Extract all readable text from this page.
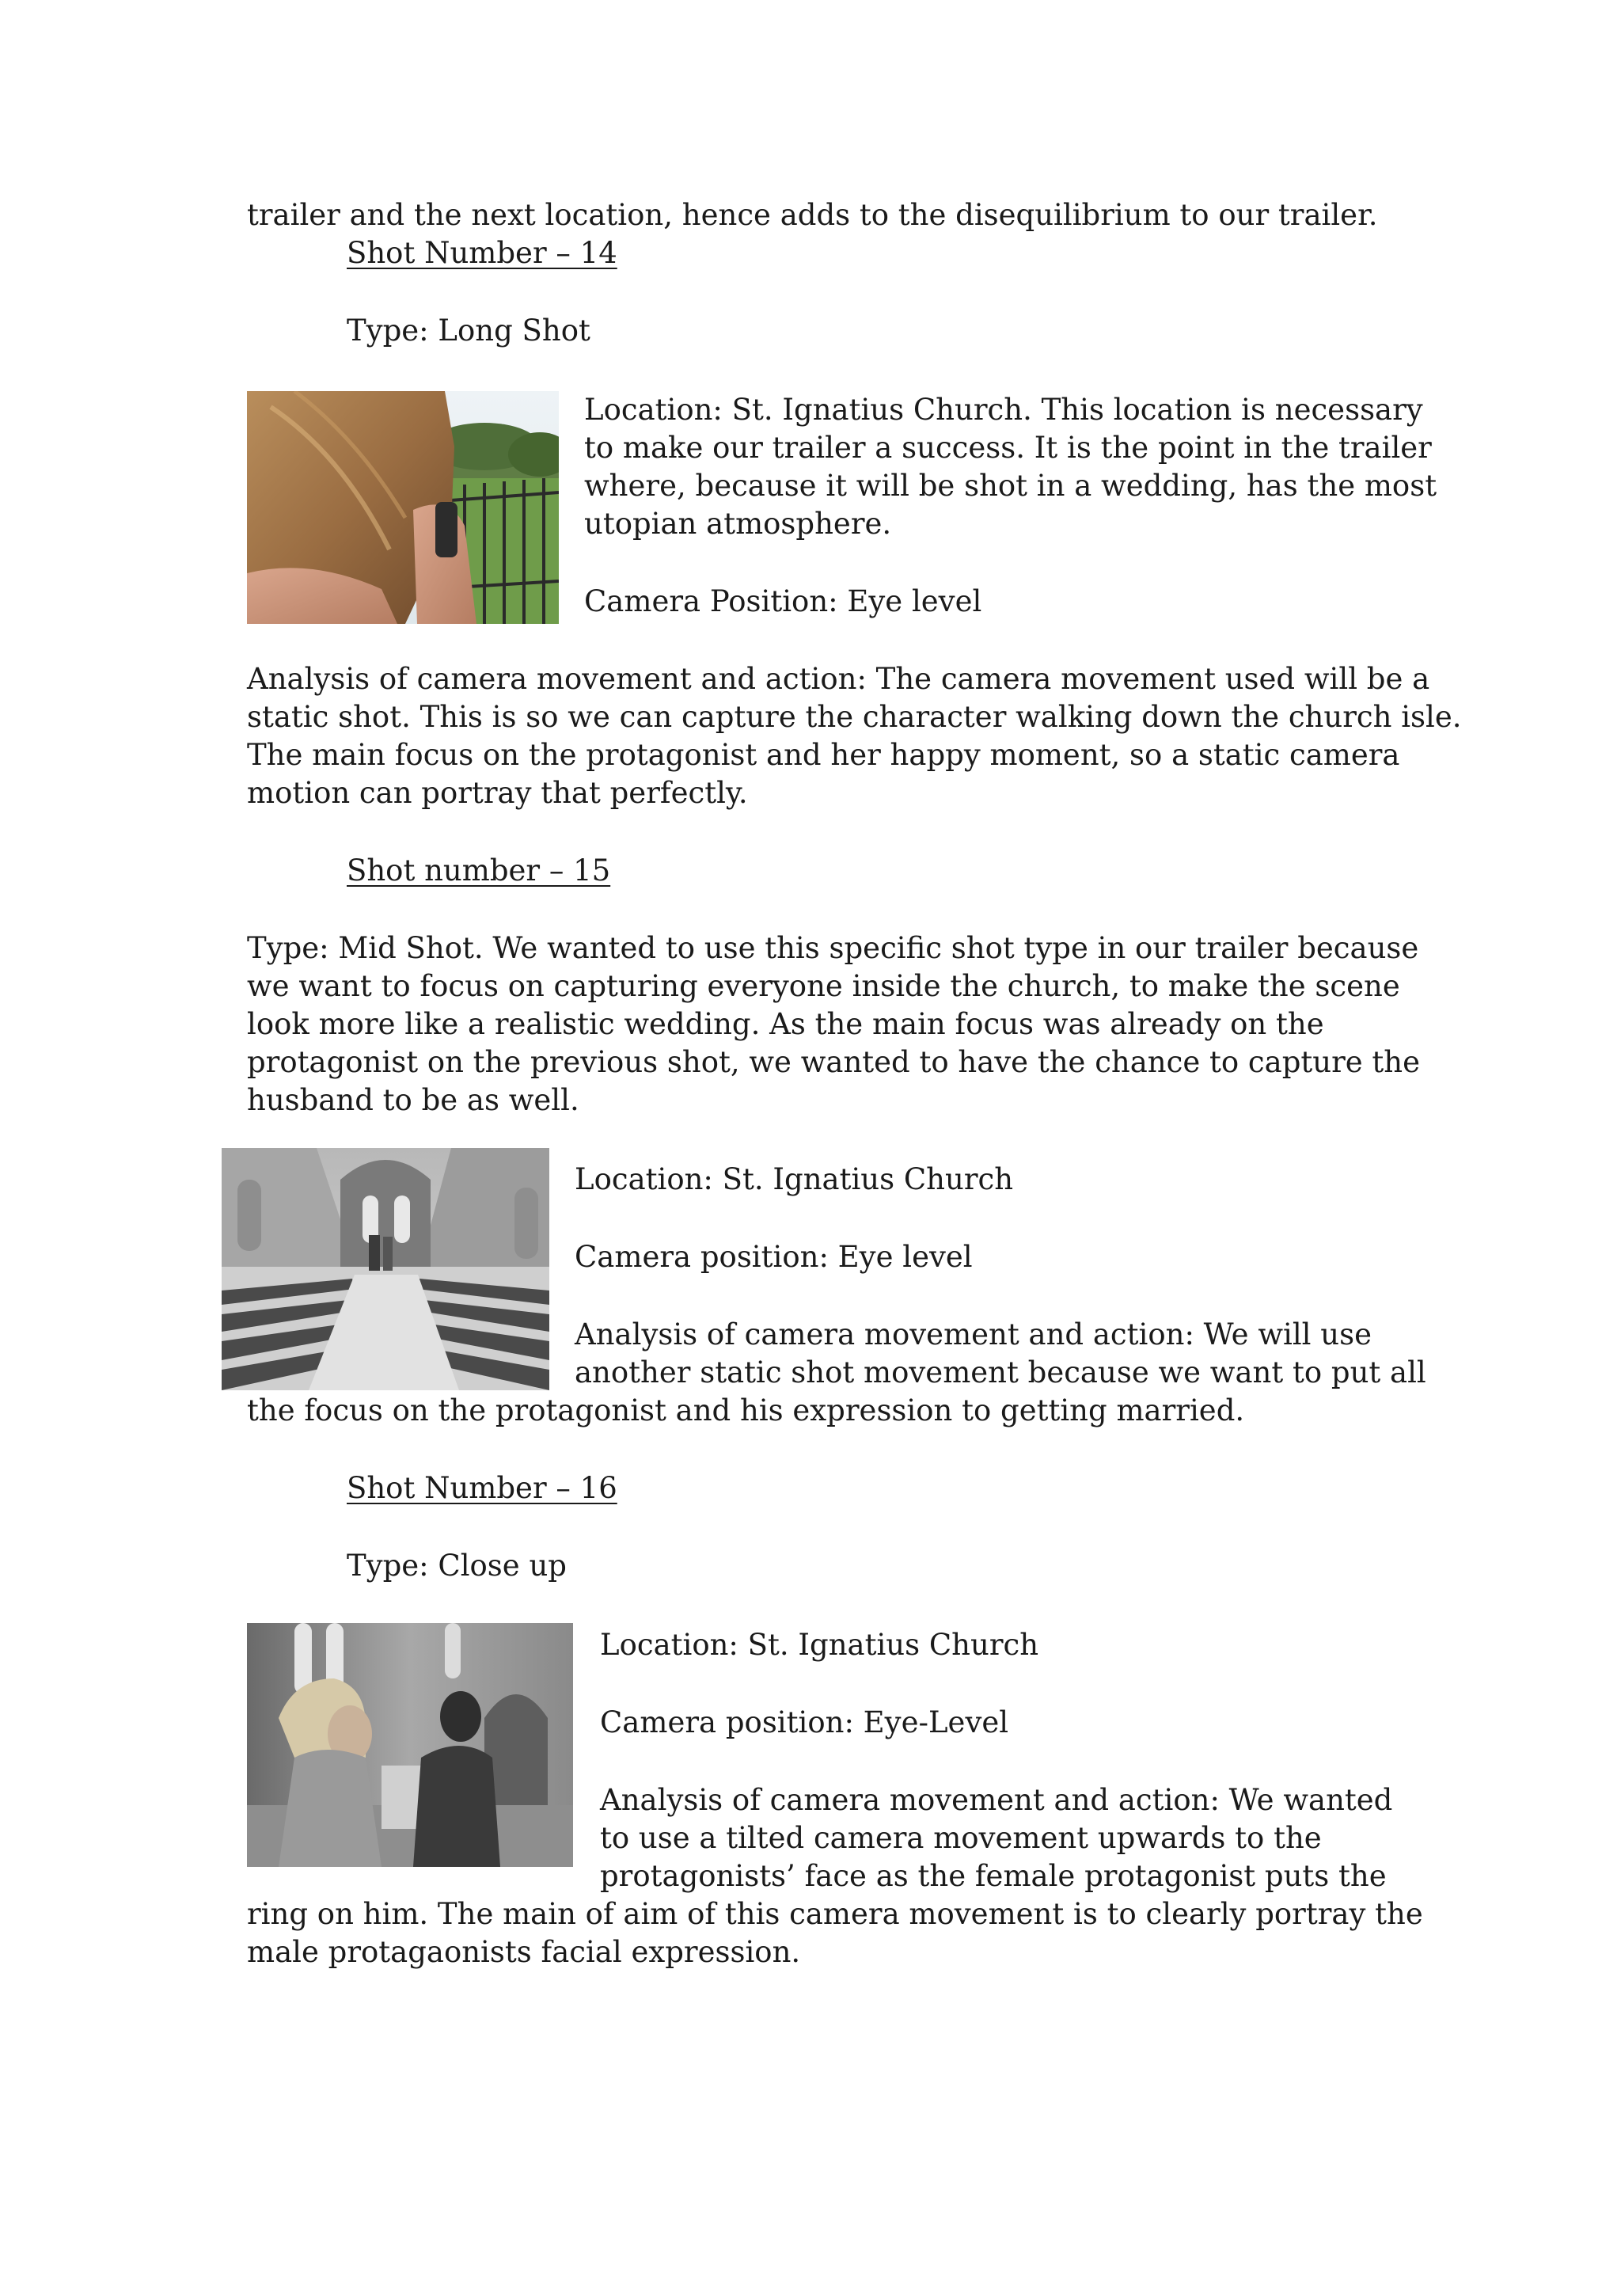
trailer and the next location, hence adds to the disequilibrium to our trailer.

Shot Number – 14

Type: Long Shot

Location: St. Ignatius Church. This location is necessary

to make our trailer a success. It is the point in the trailer

where, because it will be shot in a wedding, has the most

utopian atmosphere.

Camera Position: Eye level

Analysis of camera movement and action: The camera movement used will be a

static shot. This is so we can capture the character walking down the church isle.

The main focus on the protagonist and her happy moment, so a static camera

motion can portray that perfectly.

Shot number – 15

Type: Mid Shot. We wanted to use this specific shot type in our trailer because

we want to focus on capturing everyone inside the church, to make the scene

look more like a realistic wedding. As the main focus was already on the

protagonist on the previous shot, we wanted to have the chance to capture the

husband to be as well.

Location: St. Ignatius Church

Camera position: Eye level

Analysis of camera movement and action: We will use

another static shot movement because we want to put all

the focus on the protagonist and his expression to getting married.

Shot Number – 16

Type: Close up

Location: St. Ignatius Church

Camera position: Eye-Level

Analysis of camera movement and action: We wanted

to use a tilted camera movement upwards to the

protagonists’ face as the female protagonist puts the

ring on him. The main of aim of this camera movement is to clearly portray the

male protagaonists facial expression.
